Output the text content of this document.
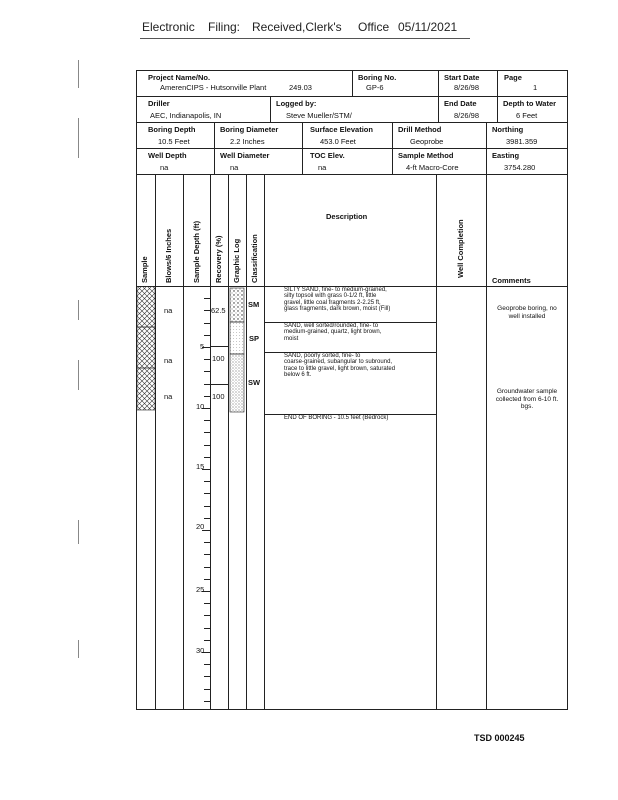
Electronic Filing: Received,Clerk's Office 05/11/2021
Project Name/No.
AmerenCIPS - Hutsonville Plant	249.03
Boring No.
GP-6
Start Date
8/26/98
Page
1
Driller
AEC, Indianapolis, IN
Logged by:
Steve Mueller/STM/
End Date
8/26/98
Depth to Water
6 Feet
Boring Depth
10.5 Feet
Boring Diameter
2.2 Inches
Surface Elevation
453.0 Feet
Drill Method
Geoprobe
Northing
3981.359
Well Depth
na
Well Diameter
na
TOC Elev.
na
Sample Method
4-ft Macro-Core
Easting
3754.280
Sample Blows/6 Inches	Sample Depth (ft) Recovery (%) Graphic Log Classification
Description
Well Completion
Comments
na
na
na
62.5
100
100
5
10
15
20
25
30
SM
SP
SW
SILTY SAND, fine- to medium-grained,
silty topsoil with grass 0-1/2 ft, little
gravel, little coal fragments 2-2.25 ft,
glass fragments, dark brown, moist (Fill)
SAND, well sorted/rounded, fine- to
medium-grained, quartz, light brown,
moist
SAND, poorly sorted, fine- to
coarse-grained, subangular to subround,
trace to little gravel, light brown, saturated
below 6 ft.
END OF BORING - 10.5 feet (Bedrock)
Geoprobe boring, no
well installed
Groundwater sample
collected from 6-10 ft.
bgs.
TSD 000245
